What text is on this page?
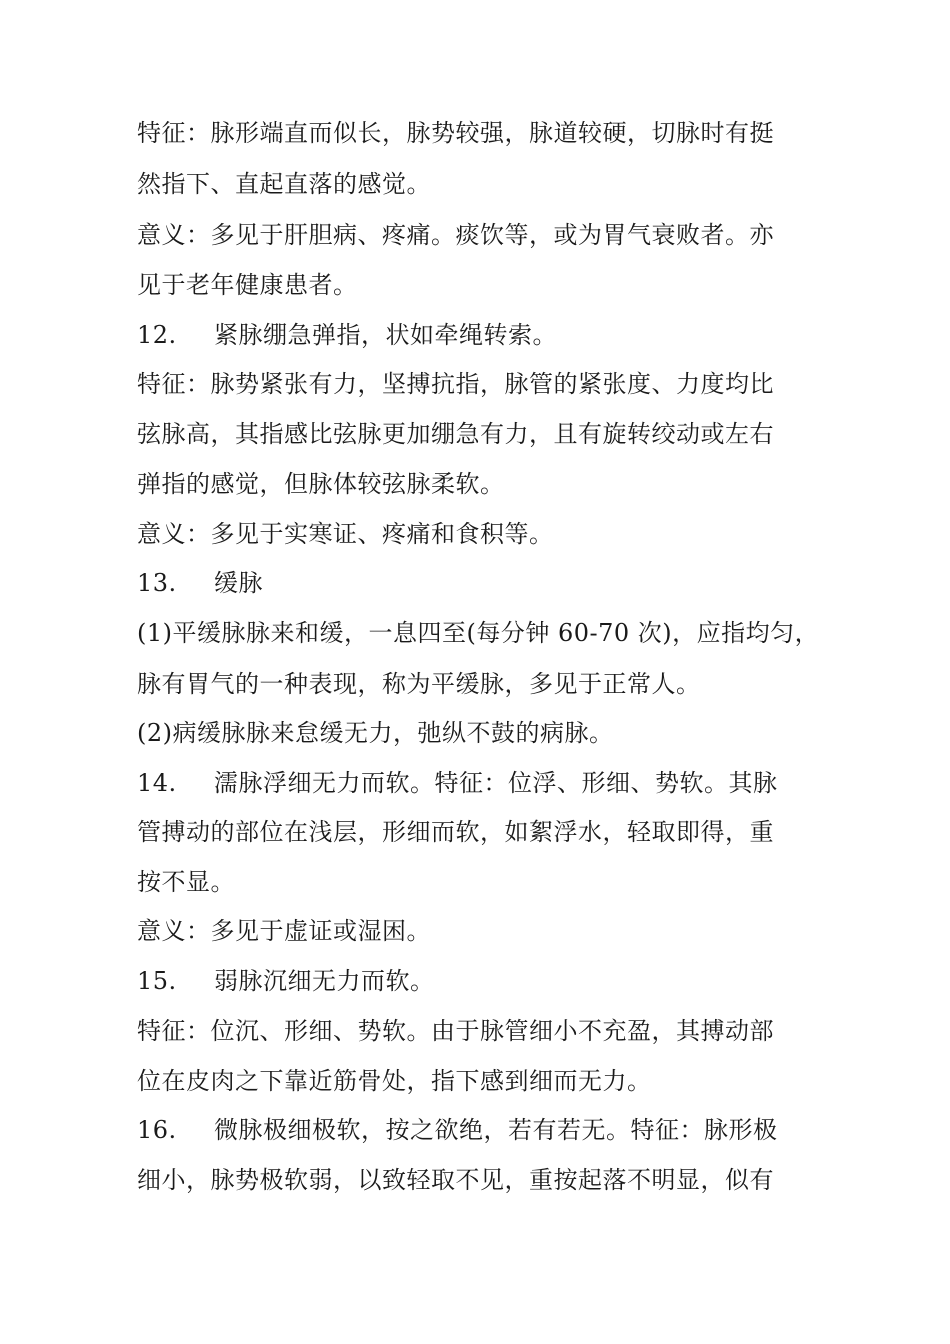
特征：脉形端直而似长，脉势较强，脉道较硬，切脉时有挺
然指下、直起直落的感觉。
意义：多见于肝胆病、疼痛。痰饮等，或为胃气衰败者。亦
见于老年健康患者。
12. 紧脉绷急弹指，状如牵绳转索。
特征：脉势紧张有力，坚搏抗指，脉管的紧张度、力度均比
弦脉高，其指感比弦脉更加绷急有力，且有旋转绞动或左右
弹指的感觉，但脉体较弦脉柔软。
意义：多见于实寒证、疼痛和食积等。
13. 缓脉
(1)平缓脉脉来和缓，一息四至(每分钟 60-70 次)，应指均匀，
脉有胃气的一种表现，称为平缓脉，多见于正常人。
(2)病缓脉脉来怠缓无力，弛纵不鼓的病脉。
14. 濡脉浮细无力而软。特征：位浮、形细、势软。其脉
管搏动的部位在浅层，形细而软，如絮浮水，轻取即得，重
按不显。
意义：多见于虚证或湿困。
15. 弱脉沉细无力而软。
特征：位沉、形细、势软。由于脉管细小不充盈，其搏动部
位在皮肉之下靠近筋骨处，指下感到细而无力。
16. 微脉极细极软，按之欲绝，若有若无。特征：脉形极
细小，脉势极软弱，以致轻取不见，重按起落不明显，似有
